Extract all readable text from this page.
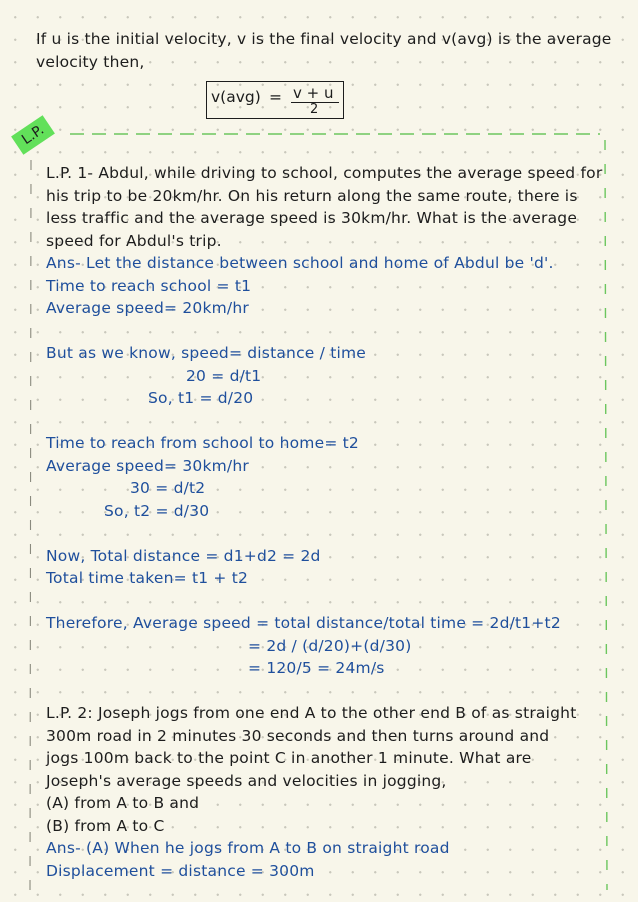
L.P.
If u is the initial velocity, v is the final velocity and v(avg) is the average
velocity then,
v(avg) = v + u
2
L.P. 1- Abdul, while driving to school, computes the average speed for
his trip to be 20km/hr. On his return along the same route, there is
less traffic and the average speed is 30km/hr. What is the average
speed for Abdul's trip.
Ans- Let the distance between school and home of Abdul be 'd'.
Time to reach school = t1
Average speed= 20km/hr
But as we know, speed= distance / time
20 = d/t1
So, t1 = d/20
Time to reach from school to home= t2
Average speed= 30km/hr
30 = d/t2
So, t2 = d/30
Now, Total distance = d1+d2 = 2d
Total time taken= t1 + t2
Therefore, Average speed = total distance/total time = 2d/t1+t2
= 2d / (d/20)+(d/30)
= 120/5 = 24m/s
L.P. 2: Joseph jogs from one end A to the other end B of as straight
300m road in 2 minutes 30 seconds and then turns around and
jogs 100m back to the point C in another 1 minute. What are
Joseph's average speeds and velocities in jogging,
(A) from A to B and
(B) from A to C
Ans- (A) When he jogs from A to B on straight road
Displacement = distance = 300m
